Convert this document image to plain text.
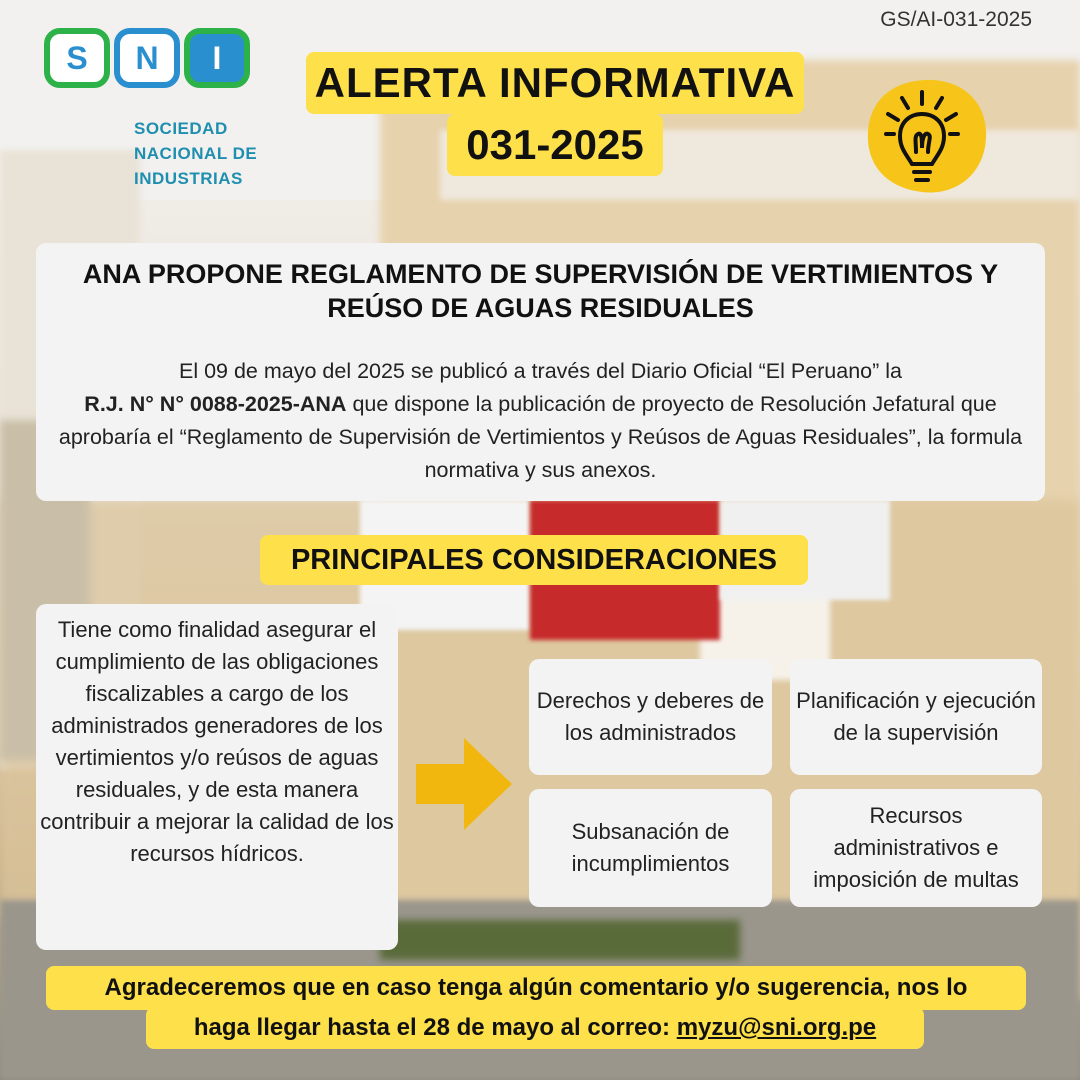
S	N	I
SOCIEDAD
NACIONAL DE
INDUSTRIAS
GS/AI-031-2025
ALERTA INFORMATIVA
031-2025
ANA PROPONE REGLAMENTO DE SUPERVISIÓN DE VERTIMIENTOS Y REÚSO DE AGUAS RESIDUALES
El 09 de mayo del 2025 se publicó a través del Diario Oficial “El Peruano” la
R.J. N° N° 0088-2025-ANA que dispone la publicación de proyecto de Resolución Jefatural que aprobaría el “Reglamento de Supervisión de Vertimientos y Reúsos de Aguas Residuales”, la formula normativa y sus anexos.
PRINCIPALES CONSIDERACIONES
Tiene como finalidad asegurar el cumplimiento de las obligaciones fiscalizables a cargo de los administrados generadores de los vertimientos y/o reúsos de aguas residuales, y de esta manera contribuir a mejorar la calidad de los recursos hídricos.
Derechos y deberes de los administrados
Planificación y ejecución de la supervisión
Subsanación de incumplimientos
Recursos administrativos e imposición de multas
Agradeceremos que en caso tenga algún comentario y/o sugerencia, nos lo
haga llegar hasta el 28 de mayo al correo: myzu@sni.org.pe
